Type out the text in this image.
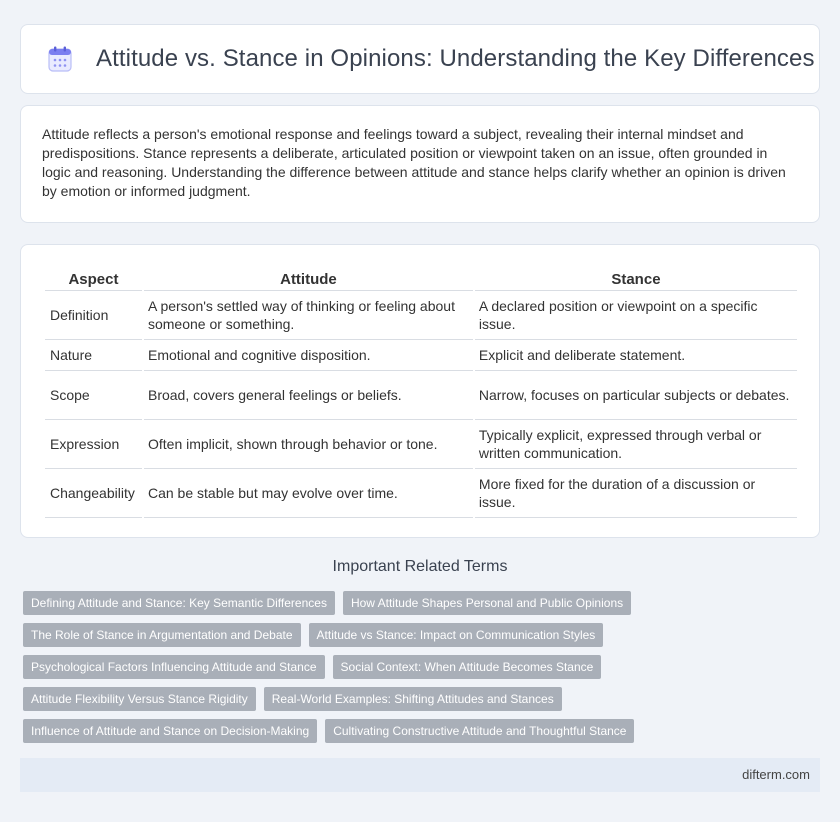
Attitude vs. Stance in Opinions: Understanding the Key Differences

Attitude reflects a person's emotional response and feelings toward a subject, revealing their internal mindset and predispositions. Stance represents a deliberate, articulated position or viewpoint taken on an issue, often grounded in logic and reasoning. Understanding the difference between attitude and stance helps clarify whether an opinion is driven by emotion or informed judgment.

Aspect	Attitude	Stance
Definition	A person's settled way of thinking or feeling about someone or something.	A declared position or viewpoint on a specific issue.
Nature	Emotional and cognitive disposition.	Explicit and deliberate statement.
Scope	Broad, covers general feelings or beliefs.	Narrow, focuses on particular subjects or debates.
Expression	Often implicit, shown through behavior or tone.	Typically explicit, expressed through verbal or written communication.
Changeability	Can be stable but may evolve over time.	More fixed for the duration of a discussion or issue.
Important Related Terms
Defining Attitude and Stance: Key Semantic Differences	How Attitude Shapes Personal and Public Opinions
The Role of Stance in Argumentation and Debate	Attitude vs Stance: Impact on Communication Styles
Psychological Factors Influencing Attitude and Stance	Social Context: When Attitude Becomes Stance
Attitude Flexibility Versus Stance Rigidity	Real-World Examples: Shifting Attitudes and Stances
Influence of Attitude and Stance on Decision-Making	Cultivating Constructive Attitude and Thoughtful Stance
difterm.com
